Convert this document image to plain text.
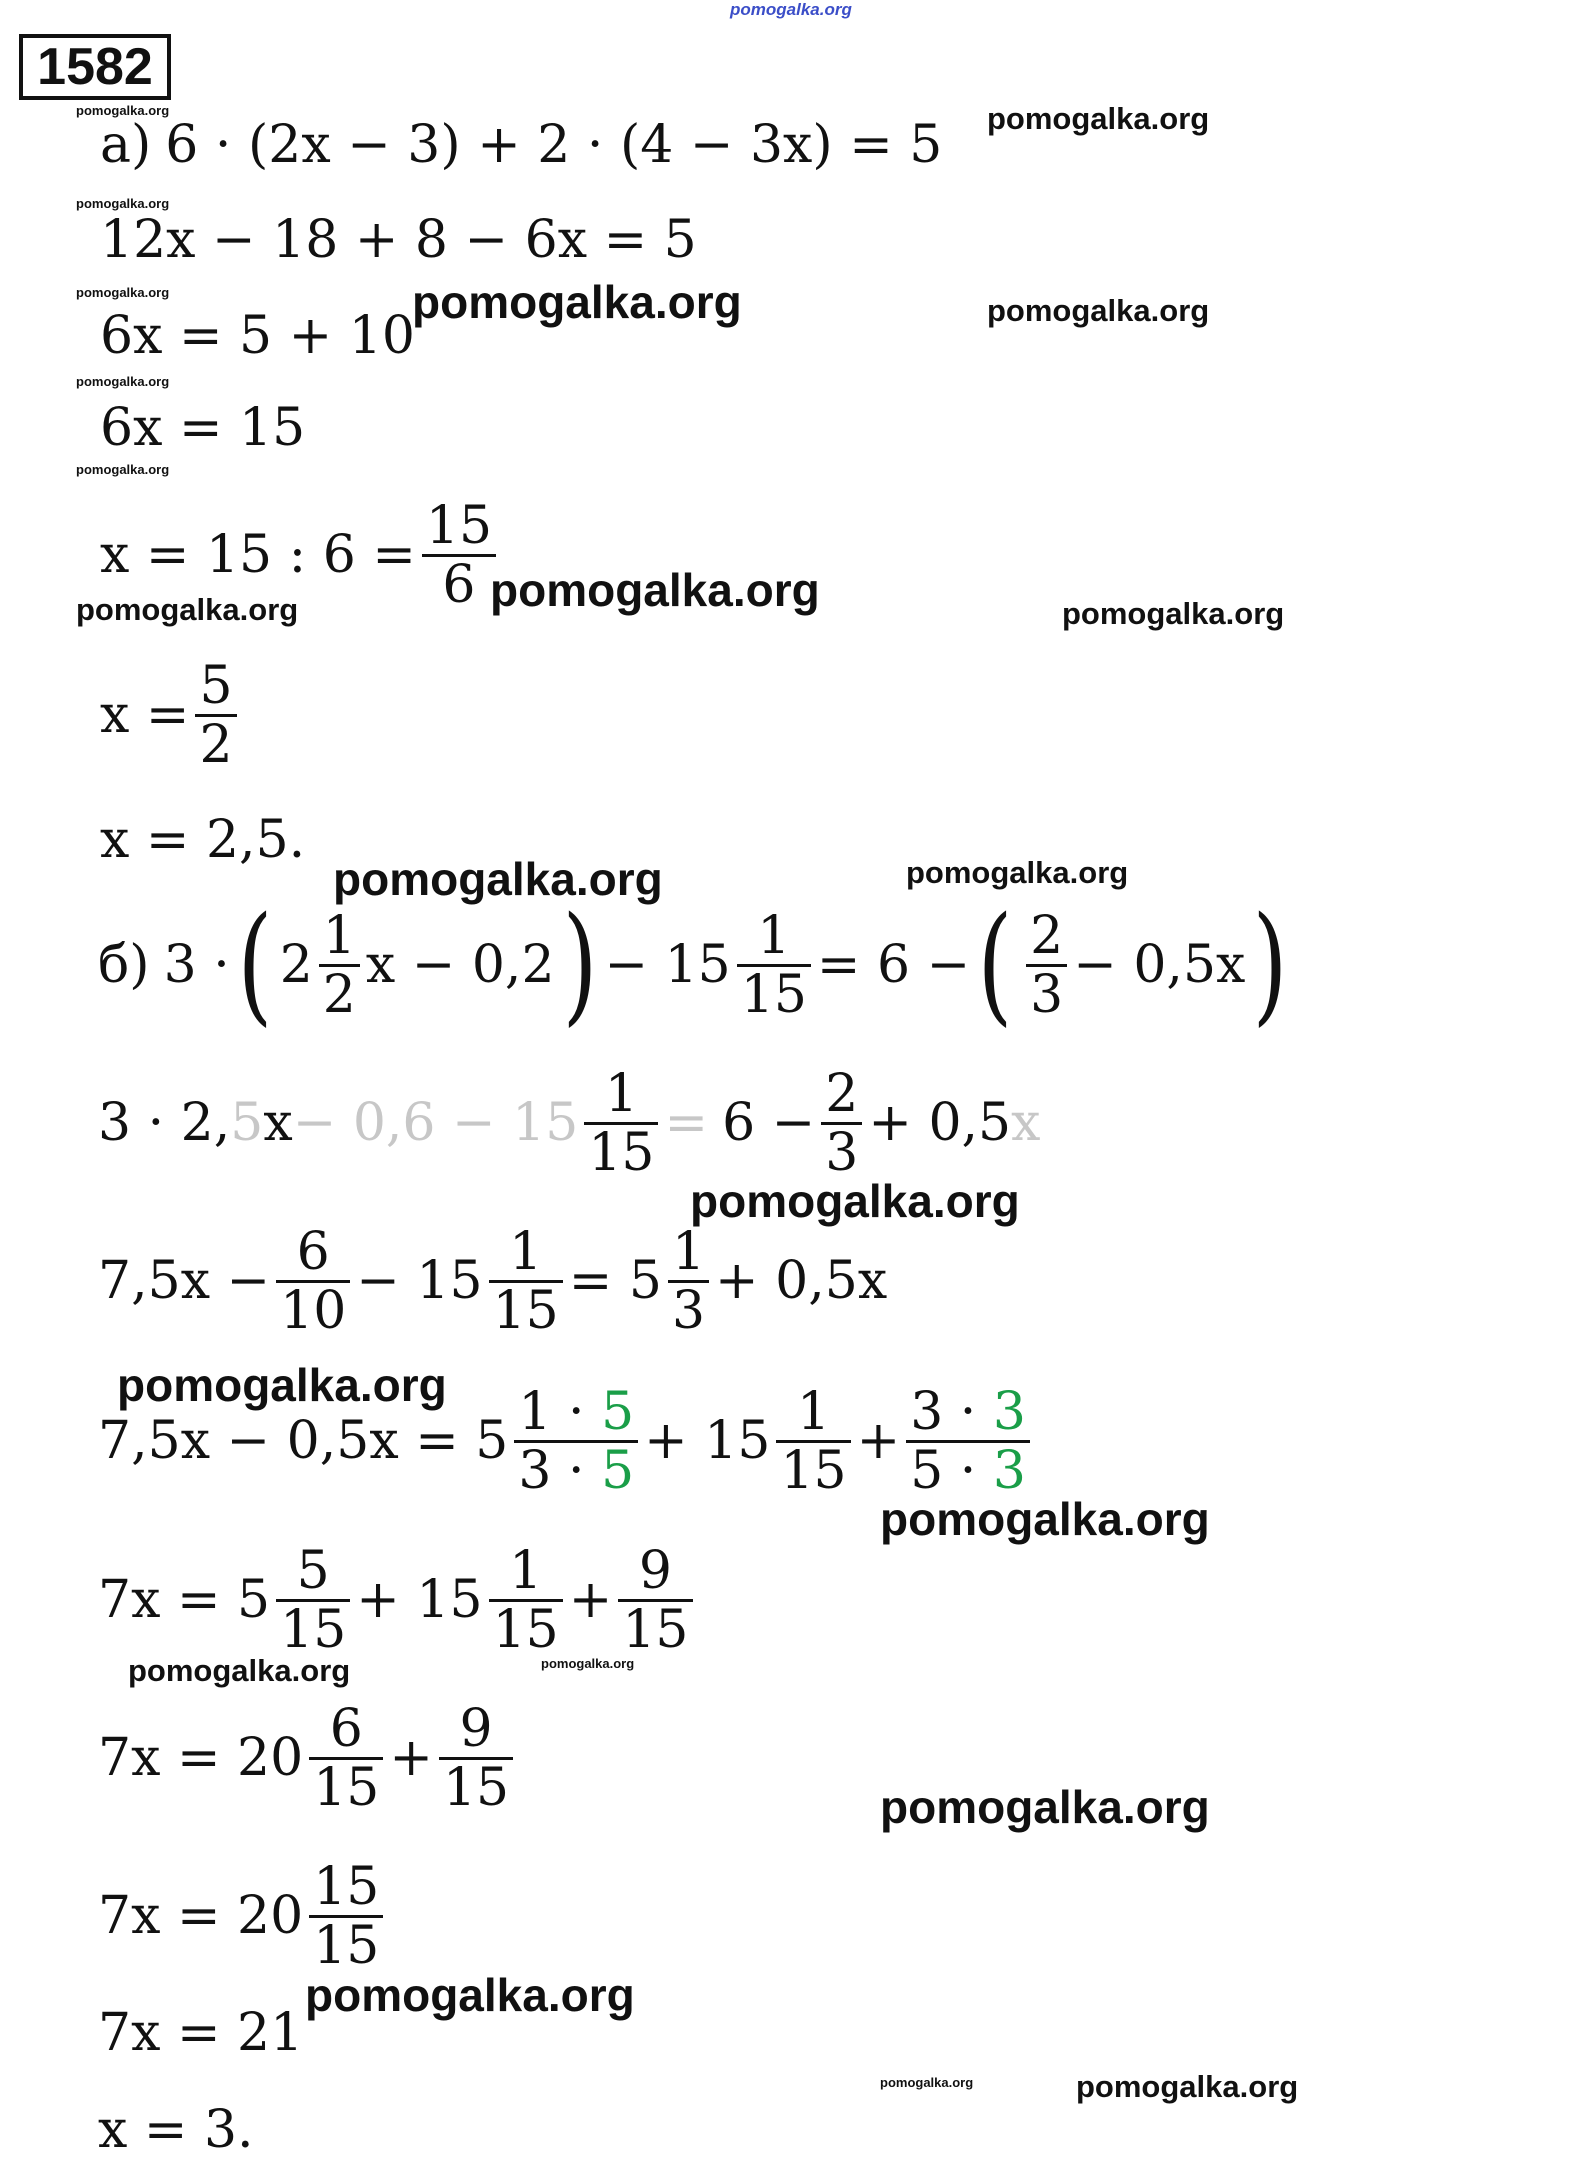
pomogalka.org
1582
pomogalka.org	pomogalka.org
pomogalka.org
pomogalka.org	pomogalka.org	pomogalka.org
pomogalka.org
pomogalka.org
pomogalka.org
pomogalka.org	pomogalka.org
pomogalka.org	pomogalka.org
pomogalka.org
pomogalka.org
pomogalka.org
pomogalka.org	pomogalka.org
pomogalka.org
pomogalka.org
pomogalka.org	pomogalka.org
а) 6 · (2x − 3) + 2 · (4 − 3x) = 5
12x − 18 + 8 − 6x = 5
6x = 5 + 10
6x = 15
x = 15 : 6 = 15
6
x = 5
2
x = 2,5.
б) 3 · ( 2 1
2 x − 0,2 ) − 15 1
15 = 6 − ( 2
3 − 0,5x )
3 · 2, 5 x − 0,6 − 15 1
15 = 6 − 2
3 + 0,5 x
7,5x − 6
10 − 15 1
15 = 5 1
3 + 0,5x
7,5x − 0,5x = 5 1 · 5
3 · 5 + 15 1
15 + 3 · 3
5 · 3
7x = 5 5
15 + 15 1
15 + 9
15
7x = 20 6
15 + 9
15
7x = 20 15
15
7x = 21
x = 3.
